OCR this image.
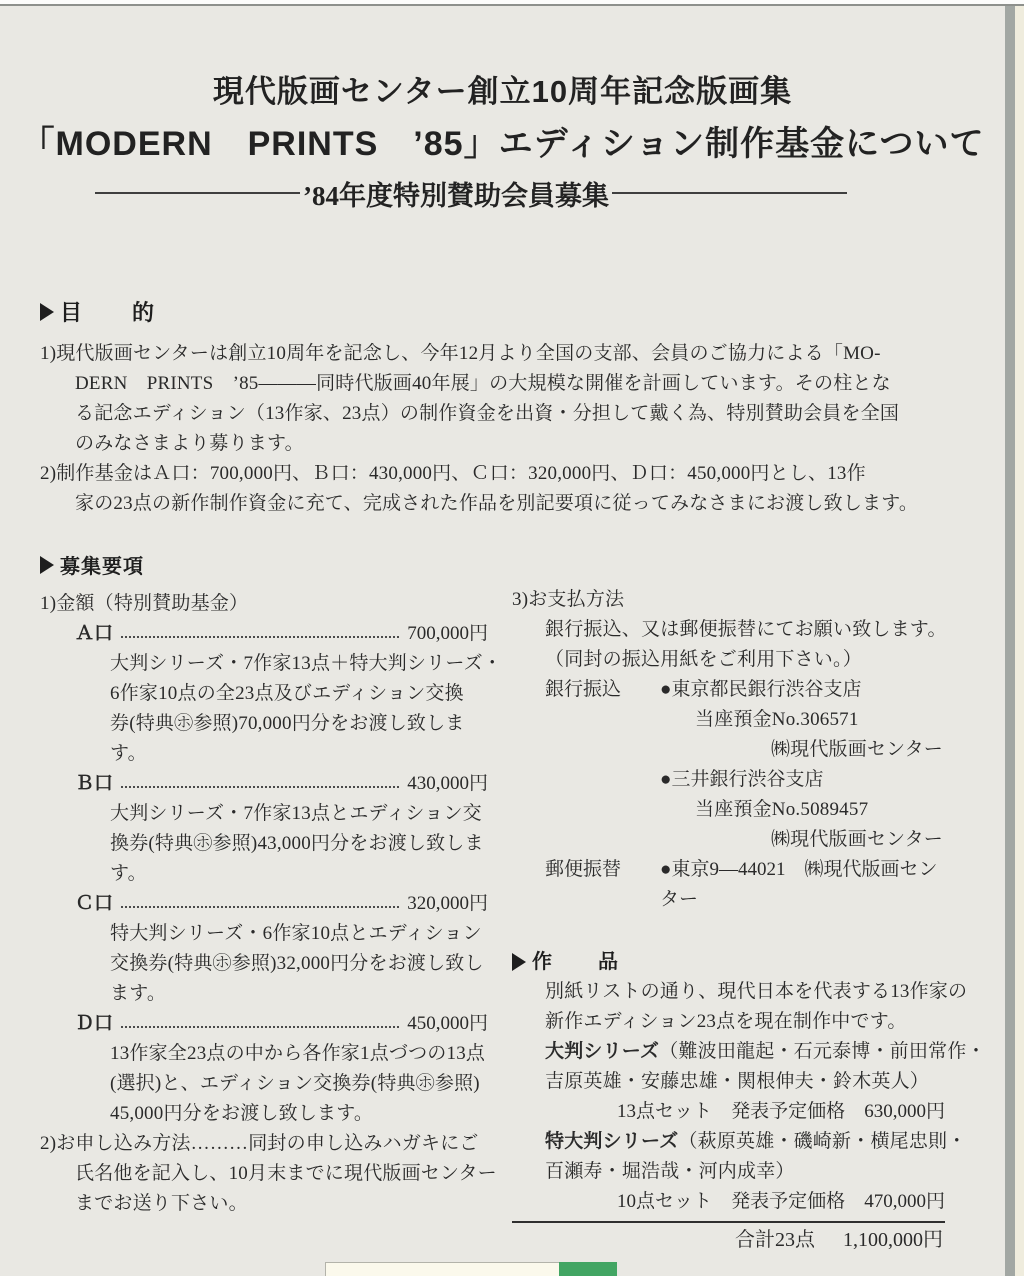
現代版画センター創立10周年記念版画集
「MODERN　PRINTS　’85」エディション制作基金について
’84年度特別賛助会員募集
目　　的
1)現代版画センターは創立10周年を記念し、今年12月より全国の支部、会員のご協力による「MO-
DERN　PRINTS　’85———同時代版画40年展」の大規模な開催を計画しています。その柱とな
る記念エディション（13作家、23点）の制作資金を出資・分担して戴く為、特別賛助会員を全国
のみなさまより募ります。
2)制作基金はＡ口：700,000円、Ｂ口：430,000円、Ｃ口：320,000円、Ｄ口：450,000円とし、13作
家の23点の新作制作資金に充て、完成された作品を別記要項に従ってみなさまにお渡し致します。
募集要項
1)金額（特別賛助基金）
Ａ口	700,000円
大判シリーズ・7作家13点＋特大判シリーズ・
6作家10点の全23点及びエディション交換
券(特典㋭参照)70,000円分をお渡し致しま
す。
Ｂ口	430,000円
大判シリーズ・7作家13点とエディション交
換券(特典㋭参照)43,000円分をお渡し致しま
す。
Ｃ口	320,000円
特大判シリーズ・6作家10点とエディション
交換券(特典㋭参照)32,000円分をお渡し致し
ます。
Ｄ口	450,000円
13作家全23点の中から各作家1点づつの13点
(選択)と、エディション交換券(特典㋭参照)
45,000円分をお渡し致します。
2)お申し込み方法………同封の申し込みハガキにご
氏名他を記入し、10月末までに現代版画センター
までお送り下さい。
3)お支払方法
銀行振込、又は郵便振替にてお願い致します。
（同封の振込用紙をご利用下さい。）
銀行振込	●東京都民銀行渋谷支店
当座預金No.306571
㈱現代版画センター
●三井銀行渋谷支店
当座預金No.5089457
㈱現代版画センター
郵便振替	●東京9—44021　㈱現代版画センター
作　　品
別紙リストの通り、現代日本を代表する13作家の
新作エディション23点を現在制作中です。
大判シリーズ（難波田龍起・石元泰博・前田常作・
吉原英雄・安藤忠雄・関根伸夫・鈴木英人）
13点セット 発表予定価格 630,000円
特大判シリーズ（萩原英雄・磯崎新・横尾忠則・
百瀬寿・堀浩哉・河内成幸）
10点セット 発表予定価格 470,000円
合計23点 1,100,000円
